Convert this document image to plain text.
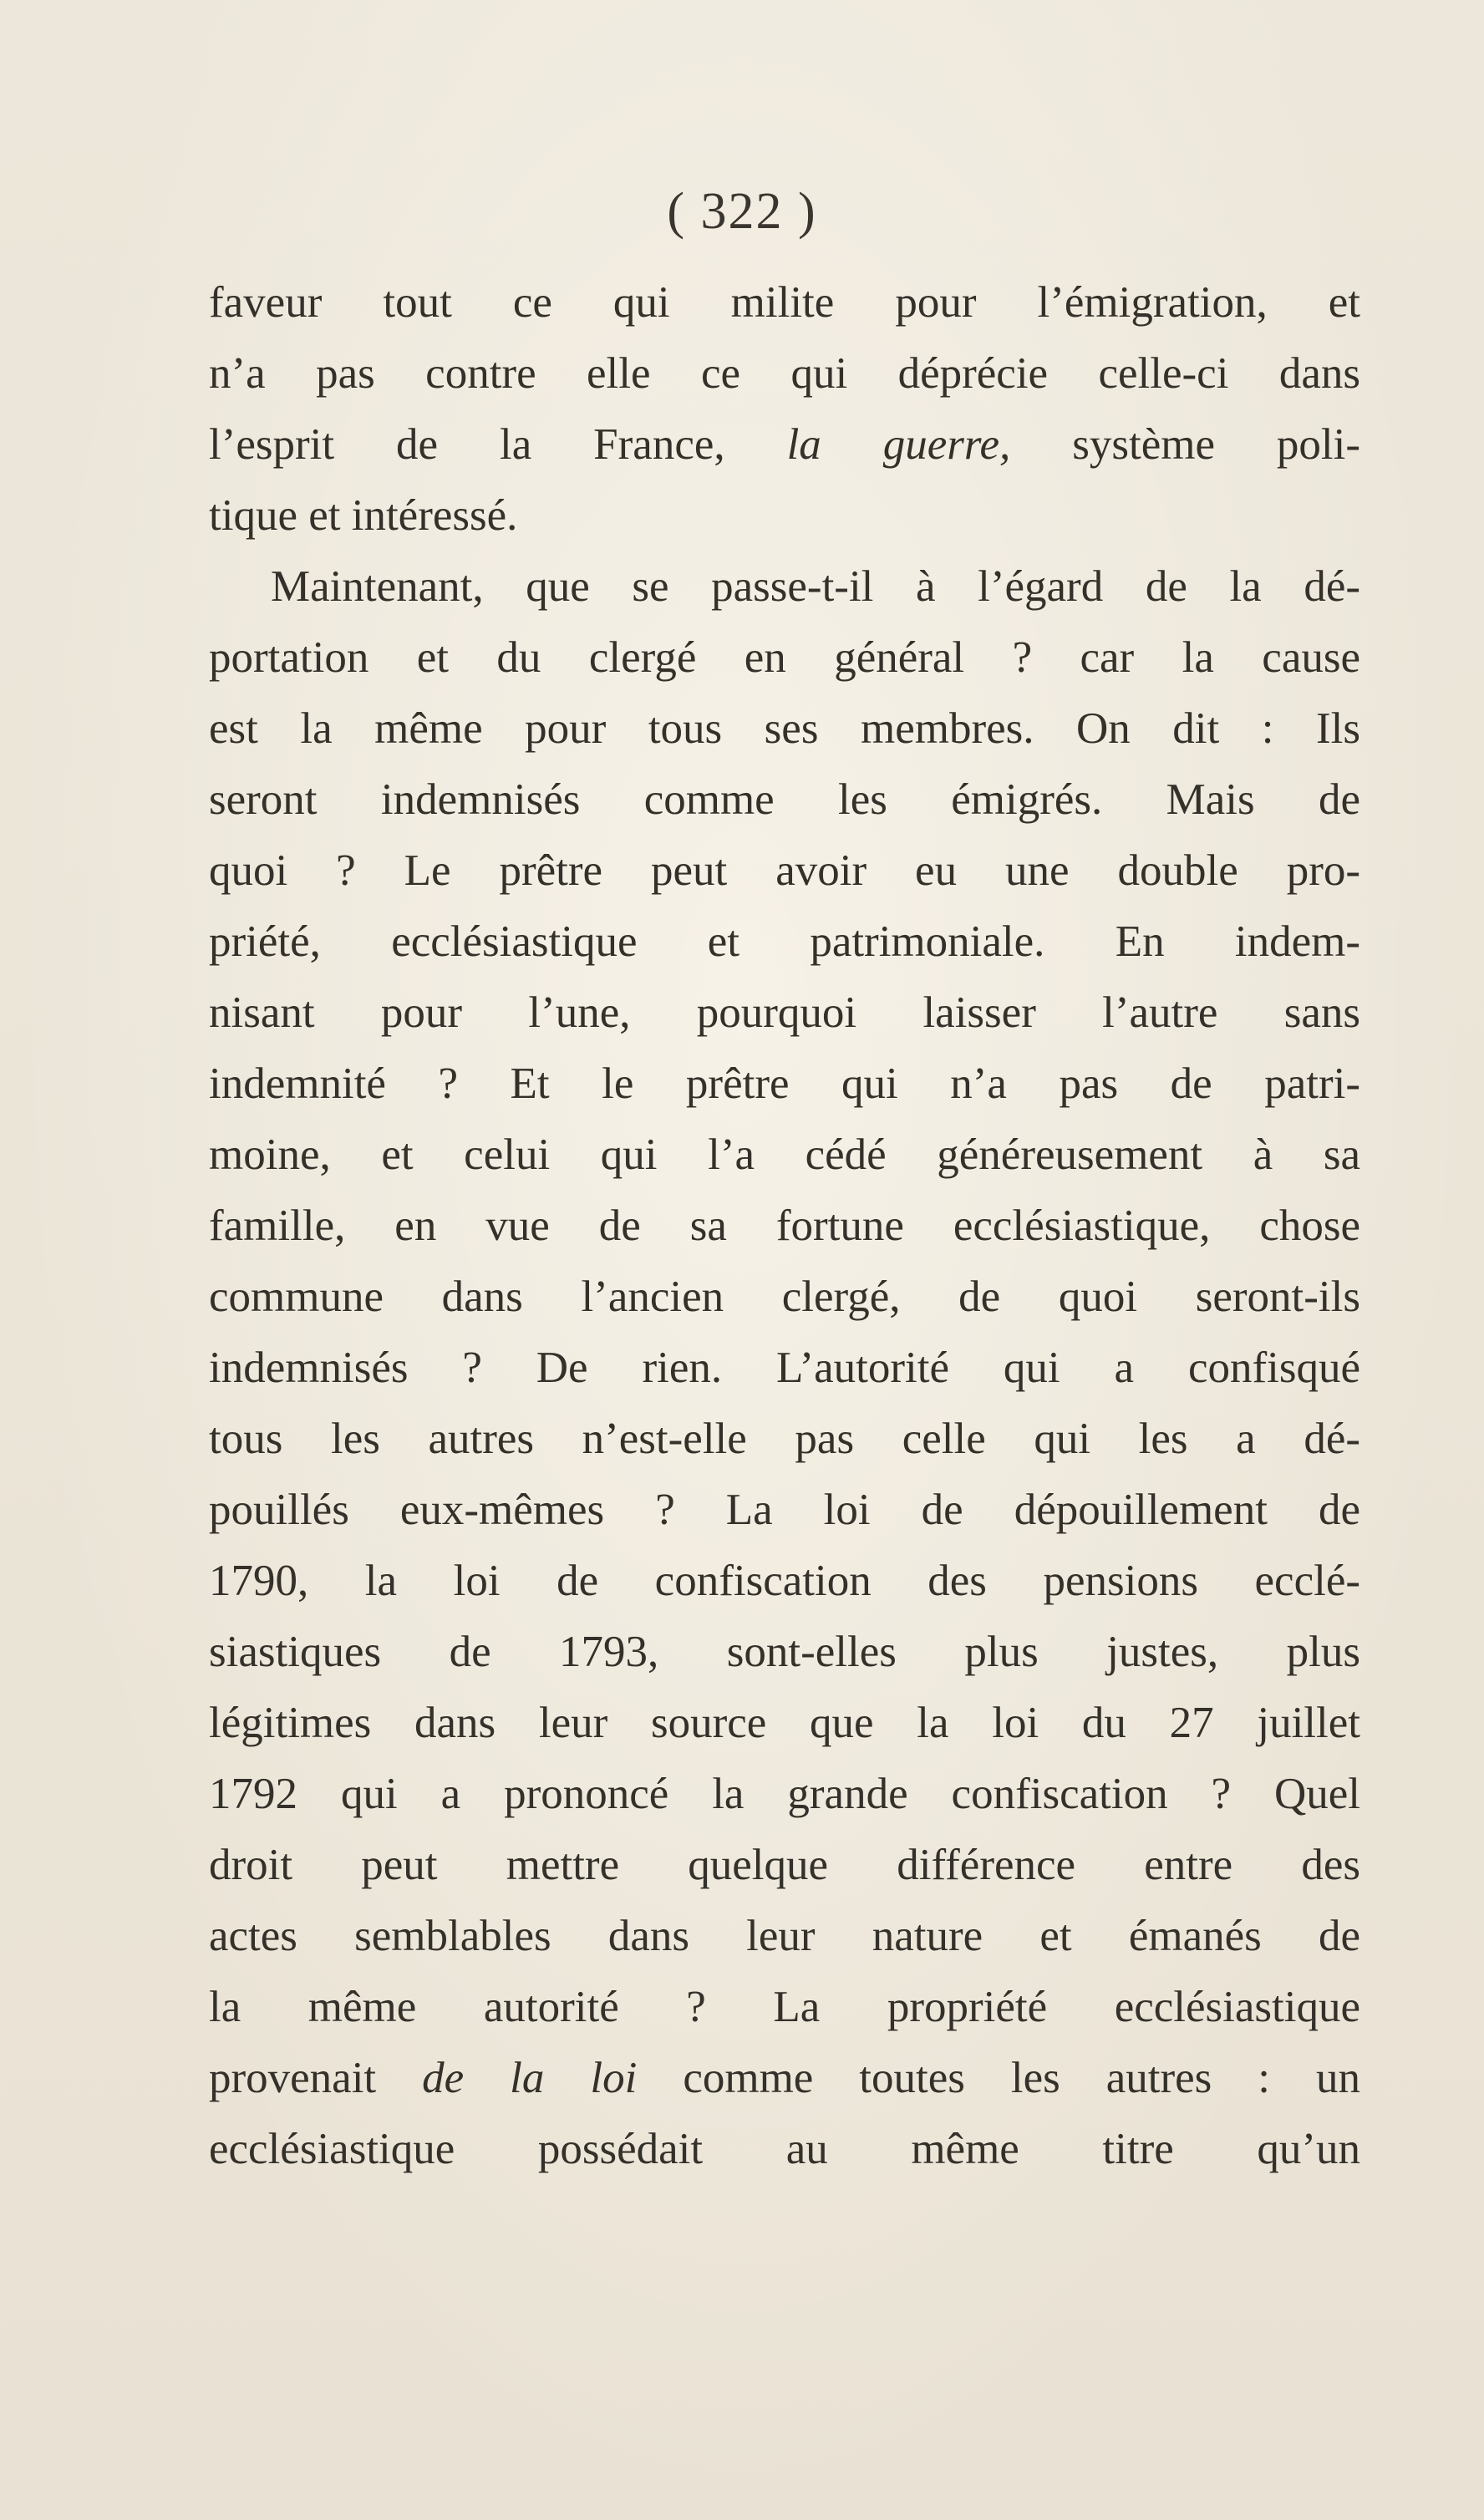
( 322 )
faveur tout ce qui milite pour l’émigration, et
n’a pas contre elle ce qui déprécie celle-ci dans
l’esprit de la France, la guerre, système poli-
tique et intéressé.
Maintenant, que se passe-t-il à l’égard de la dé-
portation et du clergé en général ? car la cause
est la même pour tous ses membres. On dit : Ils
seront indemnisés comme les émigrés. Mais de
quoi ? Le prêtre peut avoir eu une double pro-
priété, ecclésiastique et patrimoniale. En indem-
nisant pour l’une, pourquoi laisser l’autre sans
indemnité ? Et le prêtre qui n’a pas de patri-
moine, et celui qui l’a cédé généreusement à sa
famille, en vue de sa fortune ecclésiastique, chose
commune dans l’ancien clergé, de quoi seront-ils
indemnisés ? De rien. L’autorité qui a confisqué
tous les autres n’est-elle pas celle qui les a dé-
pouillés eux-mêmes ? La loi de dépouillement de
1790, la loi de confiscation des pensions ecclé-
siastiques de 1793, sont-elles plus justes, plus
légitimes dans leur source que la loi du 27 juillet
1792 qui a prononcé la grande confiscation ? Quel
droit peut mettre quelque différence entre des
actes semblables dans leur nature et émanés de
la même autorité ? La propriété ecclésiastique
provenait de la loi comme toutes les autres : un
ecclésiastique possédait au même titre qu’un
